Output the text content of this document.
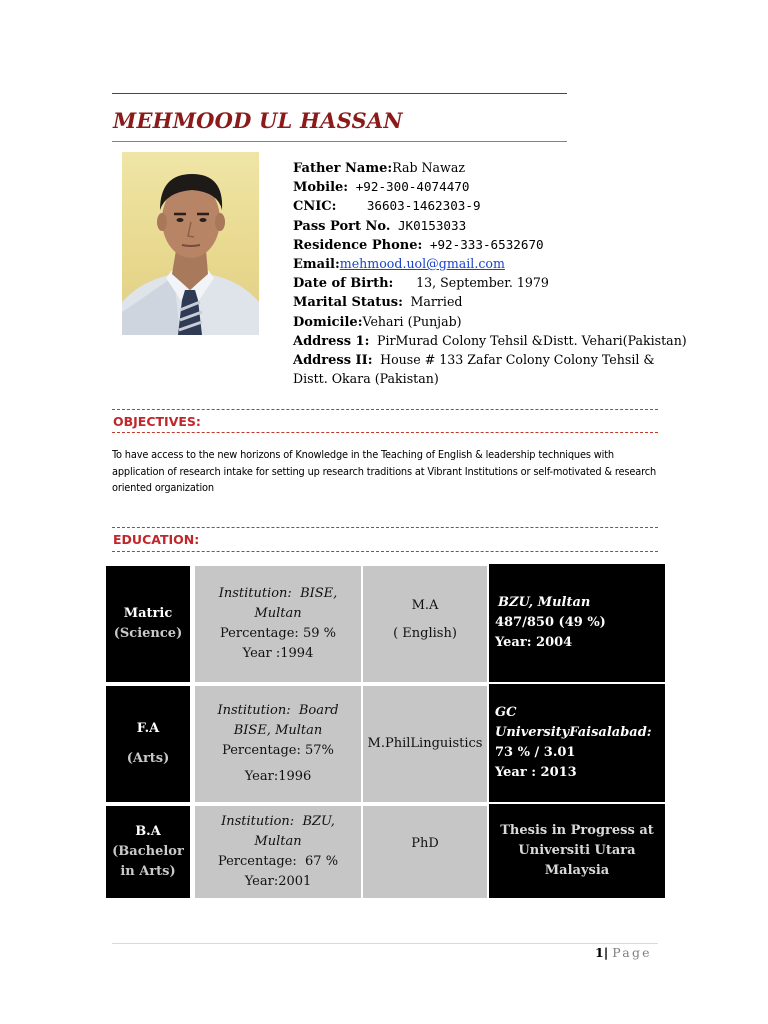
MEHMOOD UL HASSAN
Father Name:Rab Nawaz
Mobile: +92-300-4074470
CNIC: 36603-1462303-9
Pass Port No. JK0153033
Residence Phone: +92-333-6532670
Email:mehmood.uol@gmail.com
Date of Birth: 13, September. 1979
Marital Status: Married
Domicile:Vehari (Punjab)
Address 1: PirMurad Colony Tehsil &Distt. Vehari(Pakistan)
Address II: House # 133 Zafar Colony Colony Tehsil & Distt. Okara (Pakistan)
OBJECTIVES:
To have access to the new horizons of Knowledge in the Teaching of English & leadership techniques with application of research intake for setting up research traditions at Vibrant Institutions or self-motivated & research oriented organization
EDUCATION:
Matric
(Science)
Institution: BISE,
Multan
Percentage: 59 %
Year :1994
M.A
( English)
BZU, Multan
487/850 (49 %)
Year: 2004
F.A
(Arts)
Institution: Board
BISE, Multan
Percentage: 57%
Year:1996
M.PhilLinguistics
GC
UniversityFaisalabad:
73 % / 3.01
Year : 2013
B.A
(Bachelor
in Arts)
Institution: BZU,
Multan
Percentage: 67 %
Year:2001
PhD
Thesis in Progress at
Universiti Utara
Malaysia
1| Page
